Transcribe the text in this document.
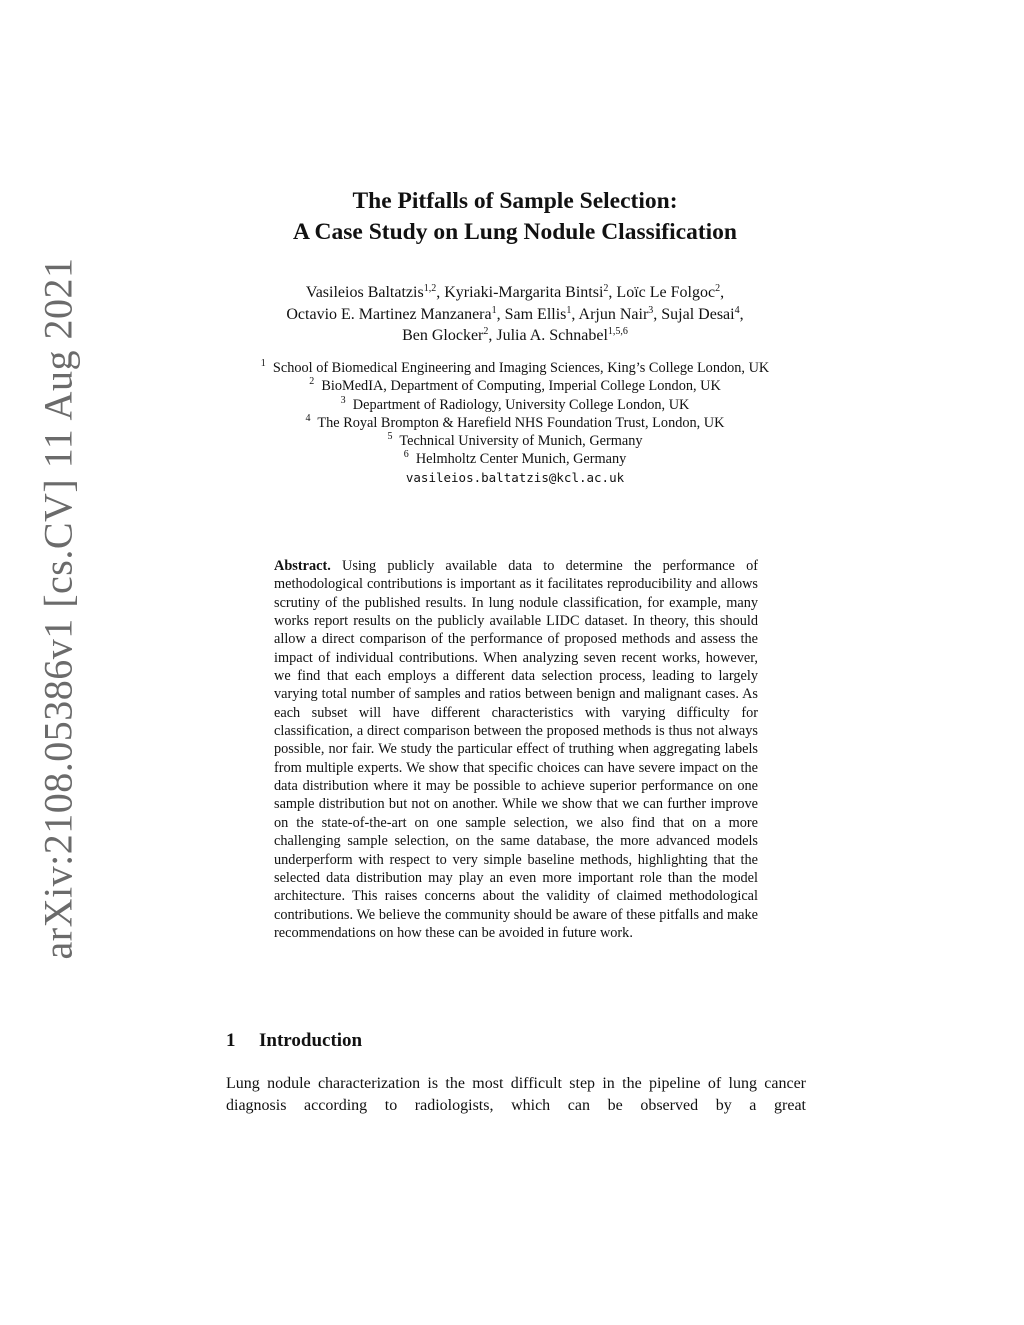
arXiv:2108.05386v1 [cs.CV] 11 Aug 2021
The Pitfalls of Sample Selection:
A Case Study on Lung Nodule Classification
Vasileios Baltatzis$^{1,2}$, Kyriaki-Margarita Bintsi$^2$, Loïc Le Folgoc$^2$,
Octavio E. Martinez Manzanera$^1$, Sam Ellis$^1$, Arjun Nair$^3$, Sujal Desai$^4$,
Ben Glocker$^2$, Julia A. Schnabel$^{1,5,6}$
$^1$ School of Biomedical Engineering and Imaging Sciences, King’s College London, UK
$^2$ BioMedIA, Department of Computing, Imperial College London, UK
$^3$ Department of Radiology, University College London, UK
$^4$ The Royal Brompton & Harefield NHS Foundation Trust, London, UK
$^5$ Technical University of Munich, Germany
$^6$ Helmholtz Center Munich, Germany
vasileios.baltatzis@kcl.ac.uk
Abstract. Using publicly available data to determine the performance of methodological contributions is important as it facilitates reproducibility and allows scrutiny of the published results. In lung nodule classification, for example, many works report results on the publicly available LIDC dataset. In theory, this should allow a direct comparison of the performance of proposed methods and assess the impact of individual contributions. When analyzing seven recent works, however, we find that each employs a different data selection process, leading to largely varying total number of samples and ratios between benign and malignant cases. As each subset will have different characteristics with varying difficulty for classification, a direct comparison between the proposed methods is thus not always possible, nor fair. We study the particular effect of truthing when aggregating labels from multiple experts. We show that specific choices can have severe impact on the data distribution where it may be possible to achieve superior performance on one sample distribution but not on another. While we show that we can further improve on the state-of-the-art on one sample selection, we also find that on a more challenging sample selection, on the same database, the more advanced models underperform with respect to very simple baseline methods, highlighting that the selected data distribution may play an even more important role than the model architecture. This raises concerns about the validity of claimed methodological contributions. We believe the community should be aware of these pitfalls and make recommendations on how these can be avoided in future work.
1 Introduction
Lung nodule characterization is the most difficult step in the pipeline of lung cancer diagnosis according to radiologists, which can be observed by a great
